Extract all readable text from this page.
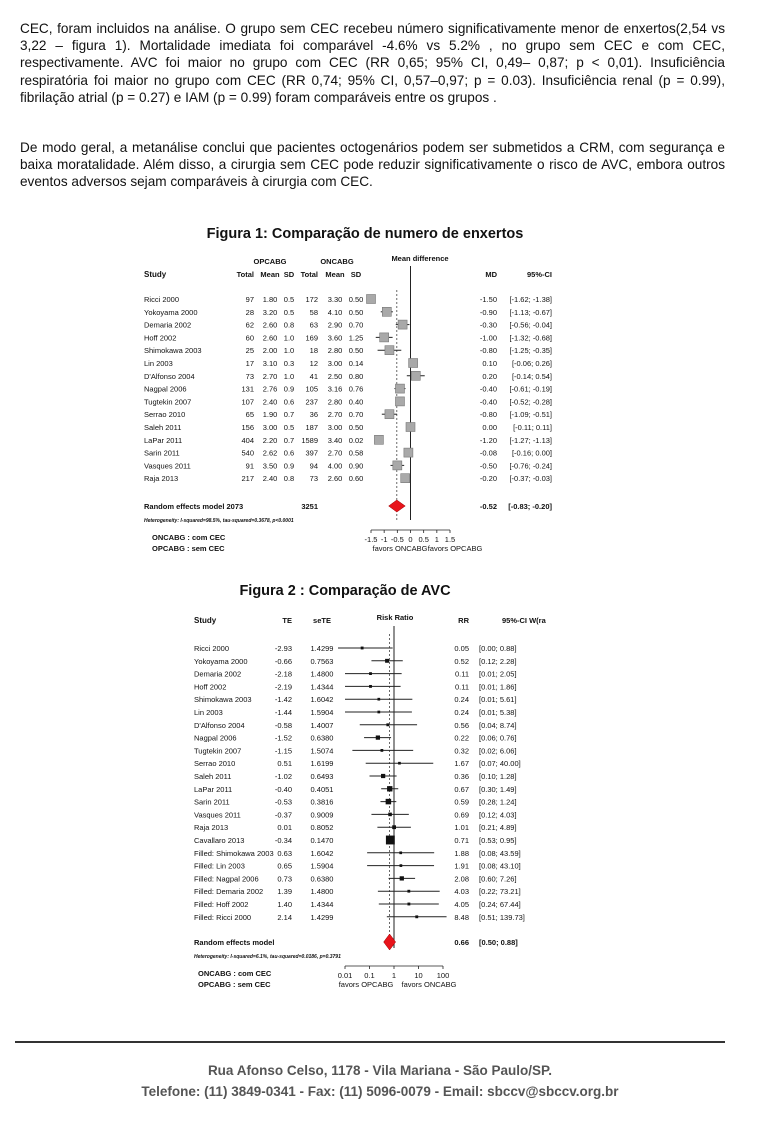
CEC, foram incluidos na análise. O grupo sem CEC recebeu número significativamente menor de enxertos(2,54 vs 3,22 – figura 1). Mortalidade imediata foi comparável -4.6% vs 5.2% , no grupo sem CEC e com CEC, respectivamente. AVC foi maior no grupo com CEC (RR 0,65; 95% CI, 0,49– 0,87; p < 0,01). Insuficiência respiratória foi maior no grupo com CEC (RR 0,74; 95% CI, 0,57–0,97; p = 0.03). Insuficiência renal (p = 0.99), fibrilação atrial (p = 0.27) e IAM (p = 0.99) foram comparáveis entre os grupos .

De modo geral, a metanálise conclui que pacientes octogenários podem ser submetidos a CRM, com segurança e baixa moratalidade. Além disso, a cirurgia sem CEC pode reduzir significativamente o risco de AVC, embora outros eventos adversos sejam comparáveis à cirurgia com CEC.

Figura 1: Comparação de numero de enxertos
OPCABG	ONCABG
Study	Total Mean SD Total Mean SD
Mean difference
MD	95%-CI
Ricci 2000	97 1.80 0.5 172 3.30 0.50	-1.50 [-1.62; -1.38]
Yokoyama 2000	28 3.20 0.5 58 4.10 0.50	-0.90 [-1.13; -0.67]
Demaria 2002	62 2.60 0.8 63 2.90 0.70	-0.30 [-0.56; -0.04]
Hoff 2002	60 2.60 1.0 169 3.60 1.25	-1.00 [-1.32; -0.68]
Shimokawa 2003	25 2.00 1.0 18 2.80 0.50	-0.80 [-1.25; -0.35]
Lin 2003	17 3.10 0.3 12 3.00 0.14	0.10 [-0.06; 0.26]
D'Alfonso 2004	73 2.70 1.0 41 2.50 0.80	0.20 [-0.14; 0.54]
Nagpal 2006	131 2.76 0.9 105 3.16 0.76	-0.40 [-0.61; -0.19]
Tugtekin 2007	107 2.40 0.6 237 2.80 0.40	-0.40 [-0.52; -0.28]
Serrao 2010	65 1.90 0.7 36 2.70 0.70	-0.80 [-1.09; -0.51]
Saleh 2011	156 3.00 0.5 187 3.00 0.50	0.00 [-0.11; 0.11]
LaPar 2011	404 2.20 0.7 1589 3.40 0.02	-1.20 [-1.27; -1.13]
Sarin 2011	540 2.62 0.6 397 2.70 0.58	-0.08 [-0.16; 0.00]
Vasques 2011	91 3.50 0.9 94 4.00 0.90	-0.50 [-0.76; -0.24]
Raja 2013	217 2.40 0.8 73 2.60 0.60	-0.20 [-0.37; -0.03]
Random effects model 2073	3251	-0.52 [-0.83; -0.20]
Heterogeneity: I-squared=98.5%, tau-squared=0.3678, p<0.0001
-1.5 -1 -0.5 0 0.5 1 1.5
favors ONCABG favors OPCABG
ONCABG : com CEC
OPCABG : sem CEC
Figura 2 : Comparação de AVC
Study	TE	seTE	Risk Ratio	RR	95%-CI W(ra
Ricci 2000	-2.93 1.4299	0.05 [0.00; 0.88]
Yokoyama 2000	-0.66 0.7563	0.52 [0.12; 2.28]
Demaria 2002	-2.18 1.4800	0.11 [0.01; 2.05]
Hoff 2002	-2.19 1.4344	0.11 [0.01; 1.86]
Shimokawa 2003	-1.42 1.6042	0.24 [0.01; 5.61]
Lin 2003	-1.44 1.5904	0.24 [0.01; 5.38]
D'Alfonso 2004	-0.58 1.4007	0.56 [0.04; 8.74]
Nagpal 2006	-1.52 0.6380	0.22 [0.06; 0.76]
Tugtekin 2007	-1.15 1.5074	0.32 [0.02; 6.06]
Serrao 2010	0.51 1.6199	1.67 [0.07; 40.00]
Saleh 2011	-1.02 0.6493	0.36 [0.10; 1.28]
LaPar 2011	-0.40 0.4051	0.67 [0.30; 1.49]
Sarin 2011	-0.53 0.3816	0.59 [0.28; 1.24]
Vasques 2011	-0.37 0.9009	0.69 [0.12; 4.03]
Raja 2013	0.01 0.8052	1.01 [0.21; 4.89]
Cavallaro 2013	-0.34 0.1470	0.71 [0.53; 0.95]
Filled: Shimokawa 2003 0.63 1.6042	1.88 [0.08; 43.59]
Filled: Lin 2003	0.65 1.5904	1.91 [0.08; 43.10]
Filled: Nagpal 2006	0.73 0.6380	2.08 [0.60; 7.26]
Filled: Demaria 2002 1.39 1.4800	4.03 [0.22; 73.21]
Filled: Hoff 2002	1.40 1.4344	4.05 [0.24; 67.44]
Filled: Ricci 2000	2.14 1.4299	8.48 [0.51; 139.73]
Random effects model	0.66 [0.50; 0.88]
Heterogeneity: I-squared=6.1%, tau-squared=0.0186, p=0.3791
0.01 0.1 1 10 100
favors OPCABG favors ONCABG
ONCABG : com CEC
OPCABG : sem CEC

Rua Afonso Celso, 1178 - Vila Mariana - São Paulo/SP.

Telefone: (11) 3849-0341 - Fax: (11) 5096-0079 - Email: sbccv@sbccv.org.br
